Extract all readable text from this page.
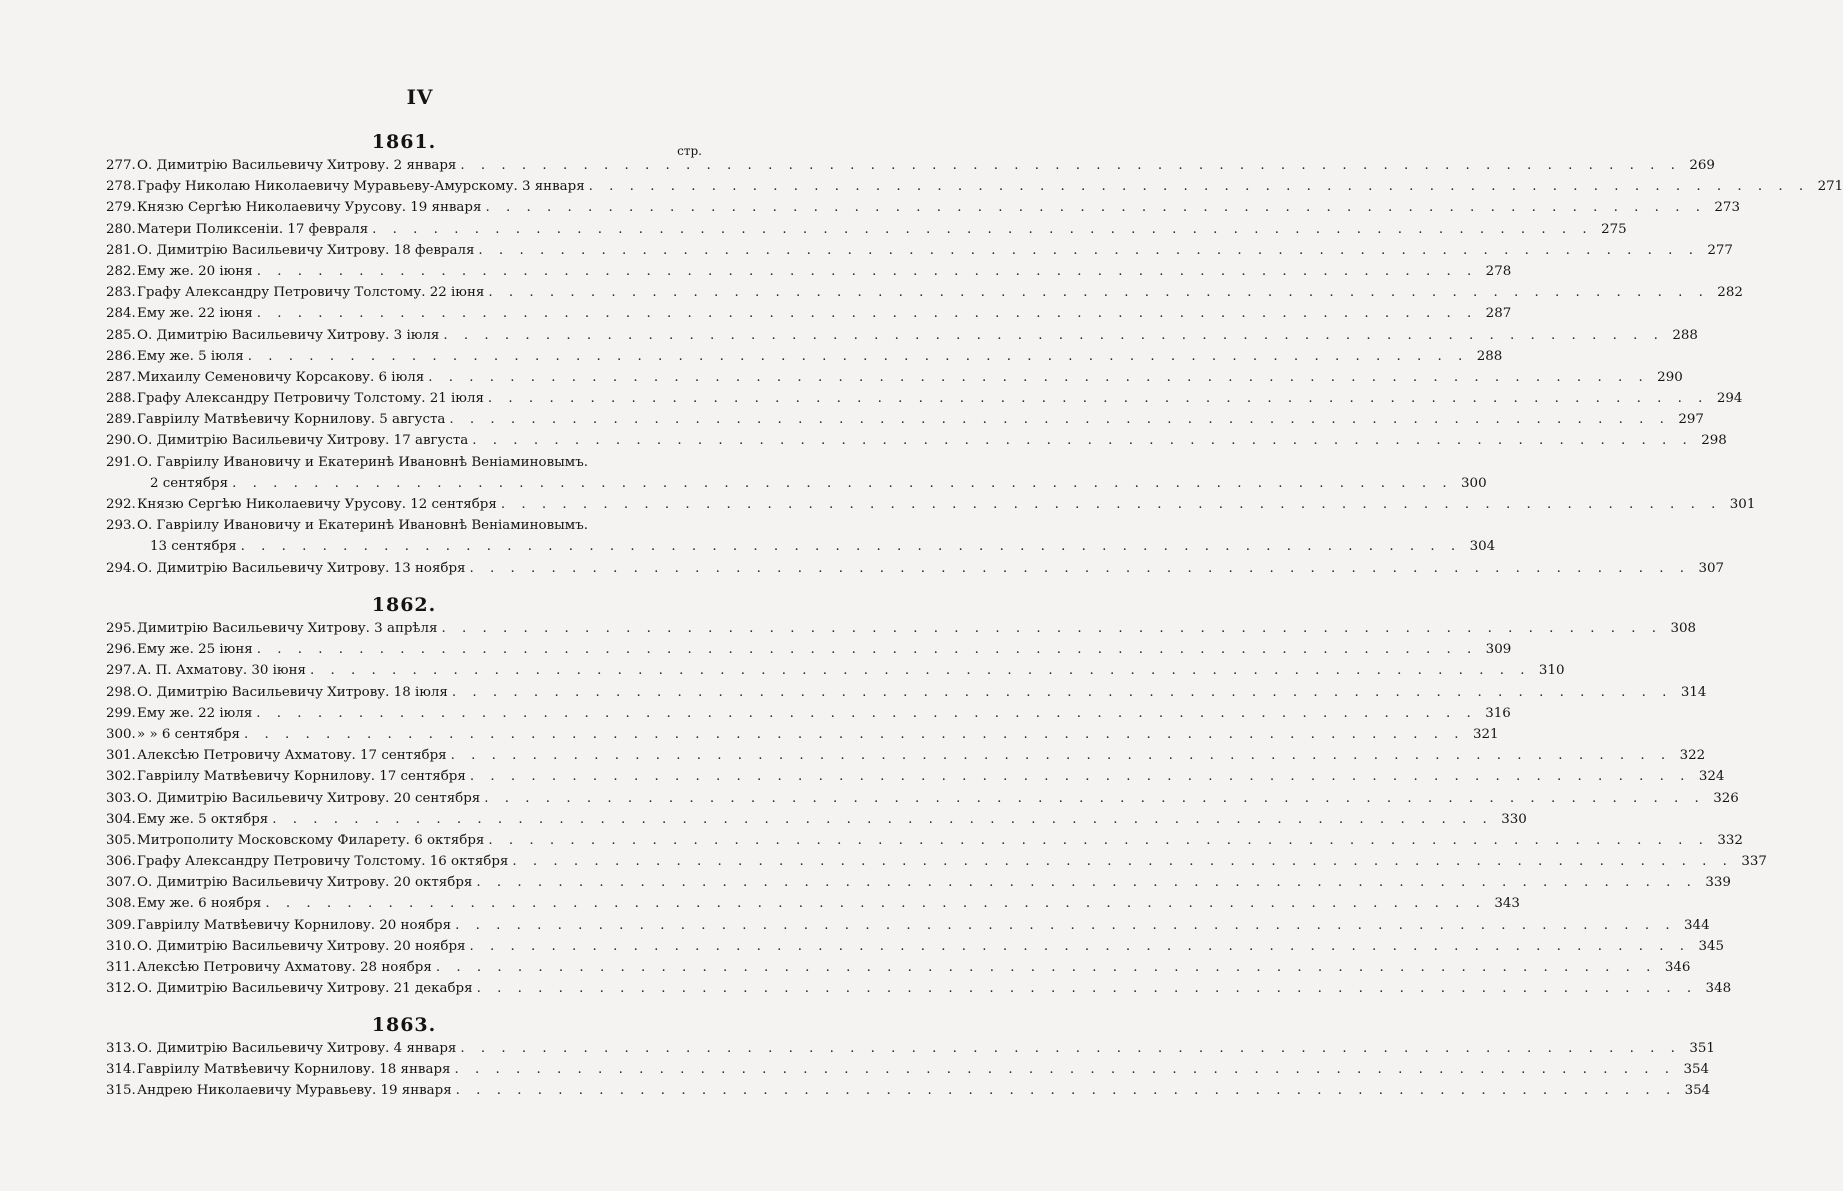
IV
1861.	стр.
277. О. Димитрію Васильевичу Хитрову. 2 января . . .	269
278. Графу Николаю Николаевичу Муравьеву-Амурскому. 3 января . . .	271
279. Князю Сергѣю Николаевичу Урусову. 19 января . . .	273
280. Матери Поликсеніи. 17 февраля . . .	275
281. О. Димитрію Васильевичу Хитрову. 18 февраля . . .	277
282. Ему же. 20 іюня . . .	278
283. Графу Александру Петровичу Толстому. 22 іюня . . .	282
284. Ему же. 22 іюня . . .	287
285. О. Димитрію Васильевичу Хитрову. 3 іюля . . .	288
286. Ему же. 5 іюля . . .	288
287. Михаилу Семеновичу Корсакову. 6 іюля . . .	290
288. Графу Александру Петровичу Толстому. 21 іюля . . .	294
289. Гавріилу Матвѣевичу Корнилову. 5 августа . . .	297
290. О. Димитрію Васильевичу Хитрову. 17 августа . . .	298
291. О. Гавріилу Ивановичу и Екатеринѣ Ивановнѣ Веніаминовымъ.
2 сентября . . .	300
292. Князю Сергѣю Николаевичу Урусову. 12 сентября . . .	301
293. О. Гавріилу Ивановичу и Екатеринѣ Ивановнѣ Веніаминовымъ.
13 сентября . . .	304
294. О. Димитрію Васильевичу Хитрову. 13 ноября . . .	307
1862.
295. Димитрію Васильевичу Хитрову. 3 апрѣля . . .	308
296. Ему же. 25 іюня . . .	309
297. А. П. Ахматову. 30 іюня . . .	310
298. О. Димитрію Васильевичу Хитрову. 18 іюля . . .	314
299. Ему же. 22 іюля . . .	316
300. » » 6 сентября . . .	321
301. Алексѣю Петровичу Ахматову. 17 сентября . . .	322
302. Гавріилу Матвѣевичу Корнилову. 17 сентября . . .	324
303. О. Димитрію Васильевичу Хитрову. 20 сентября . . .	326
304. Ему же. 5 октября . . .	330
305. Митрополиту Московскому Филарету. 6 октября . . .	332
306. Графу Александру Петровичу Толстому. 16 октября . . .	337
307. О. Димитрію Васильевичу Хитрову. 20 октября . . .	339
308. Ему же. 6 ноября . . .	343
309. Гавріилу Матвѣевичу Корнилову. 20 ноября . . .	344
310. О. Димитрію Васильевичу Хитрову. 20 ноября . . .	345
311. Алексѣю Петровичу Ахматову. 28 ноября . . .	346
312. О. Димитрію Васильевичу Хитрову. 21 декабря . . .	348
1863.
313. О. Димитрію Васильевичу Хитрову. 4 января . . .	351
314. Гавріилу Матвѣевичу Корнилову. 18 января . . .	354
315. Андрею Николаевичу Муравьеву. 19 января . . .	354
